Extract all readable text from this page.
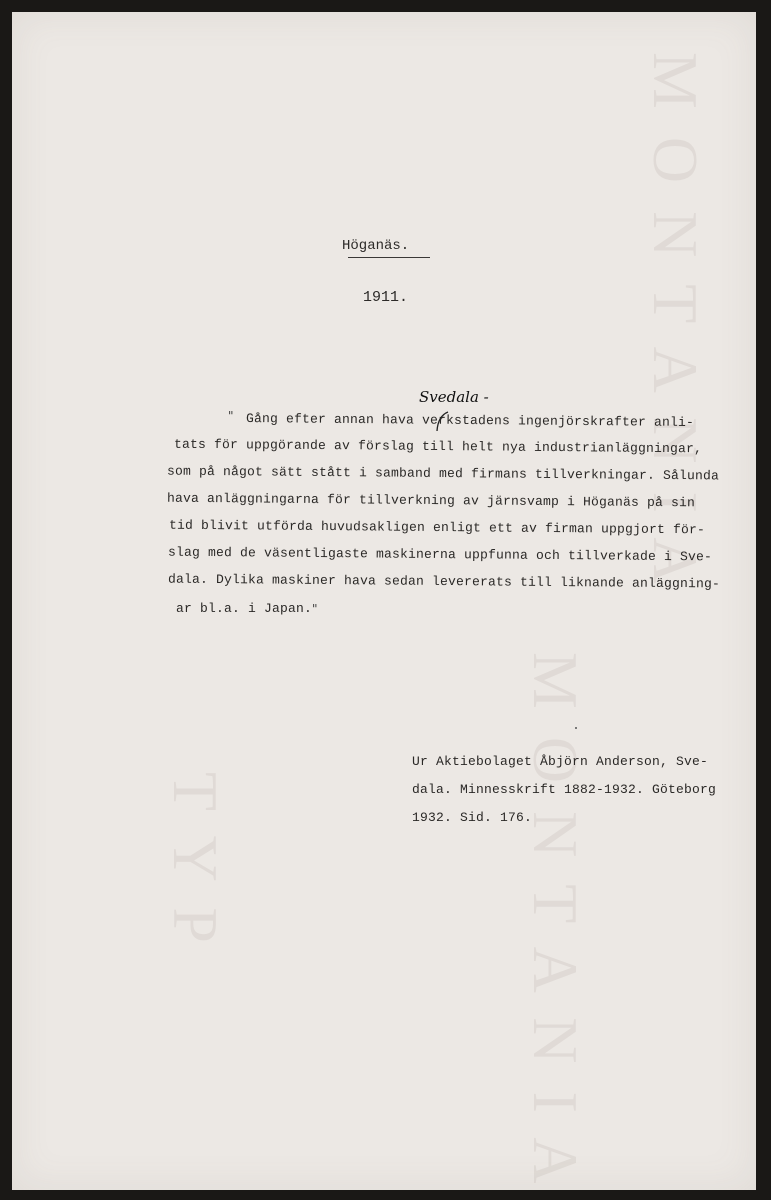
M O N T A N I A
M O N T A N I A
T Y P
Höganäs.
1911.
Svedala -
"
"
Gång efter annan hava verkstadens ingenjörskrafter anli-
tats för uppgörande av förslag till helt nya industrianläggningar,
som på något sätt stått i samband med firmans tillverkningar. Sålunda
hava anläggningarna för tillverkning av järnsvamp i Höganäs på sin
tid blivit utförda huvudsakligen enligt ett av firman uppgjort för-
slag med de väsentligaste maskinerna uppfunna och tillverkade i Sve-
dala. Dylika maskiner hava sedan levererats till liknande anläggning-
ar bl.a. i Japan.
Ur Aktiebolaget Åbjörn Anderson, Sve-
dala. Minnesskrift 1882-1932. Göteborg
1932. Sid. 176.
